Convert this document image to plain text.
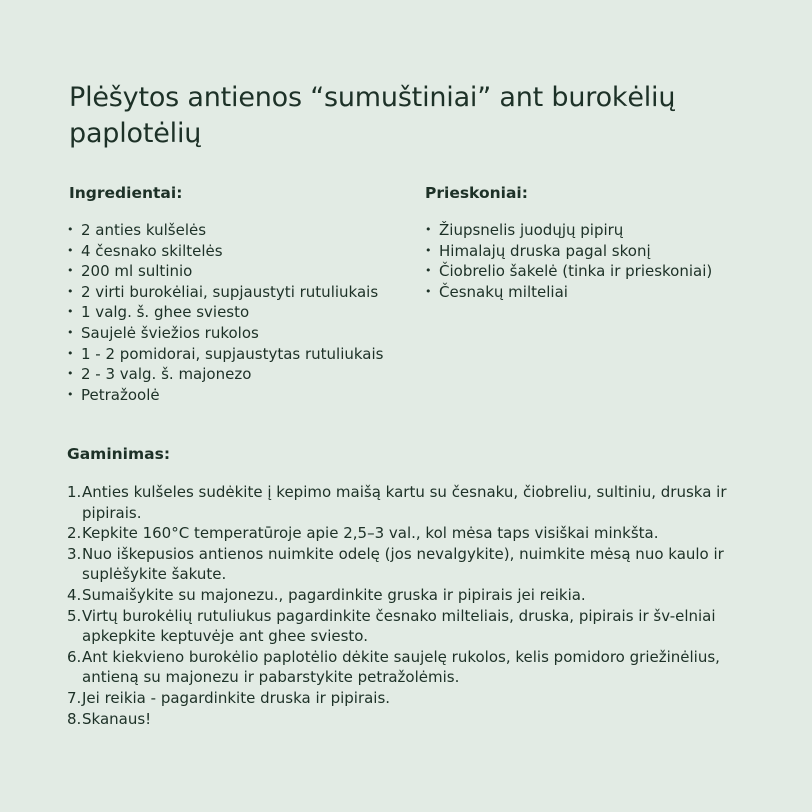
Plėšytos antienos “sumuštiniai” ant burokėlių paplotėlių
Ingredientai:
• 2 anties kulšelės
• 4 česnako skiltelės
• 200 ml sultinio
• 2 virti burokėliai, supjaustyti rutuliukais
• 1 valg. š. ghee sviesto
• Saujelė šviežios rukolos
• 1 - 2 pomidorai, supjaustytas rutuliukais
• 2 - 3 valg. š. majonezo
• Petražoolė
Prieskoniai:
• Žiupsnelis juodųjų pipirų
• Himalajų druska pagal skonį
• Čiobrelio šakelė (tinka ir prieskoniai)
• Česnakų milteliai
Gaminimas:
1. Anties kulšeles sudėkite į kepimo maišą kartu su česnaku, čiobreliu, sultiniu, druska ir pipirais.
2. Kepkite 160°C temperatūroje apie 2,5–3 val., kol mėsa taps visiškai minkšta.
3. Nuo iškepusios antienos nuimkite odelę (jos nevalgykite), nuimkite mėsą nuo kaulo ir suplėšykite šakute.
4. Sumaišykite su majonezu., pagardinkite gruska ir pipirais jei reikia.
5. Virtų burokėlių rutuliukus pagardinkite česnako milteliais, druska, pipirais ir šv-elniai apkepkite keptuvėje ant ghee sviesto.
6. Ant kiekvieno burokėlio paplotėlio dėkite saujelę rukolos, kelis pomidoro griežinėlius, antieną su majonezu ir pabarstykite petražolėmis.
7. Jei reikia - pagardinkite druska ir pipirais.
8. Skanaus!
